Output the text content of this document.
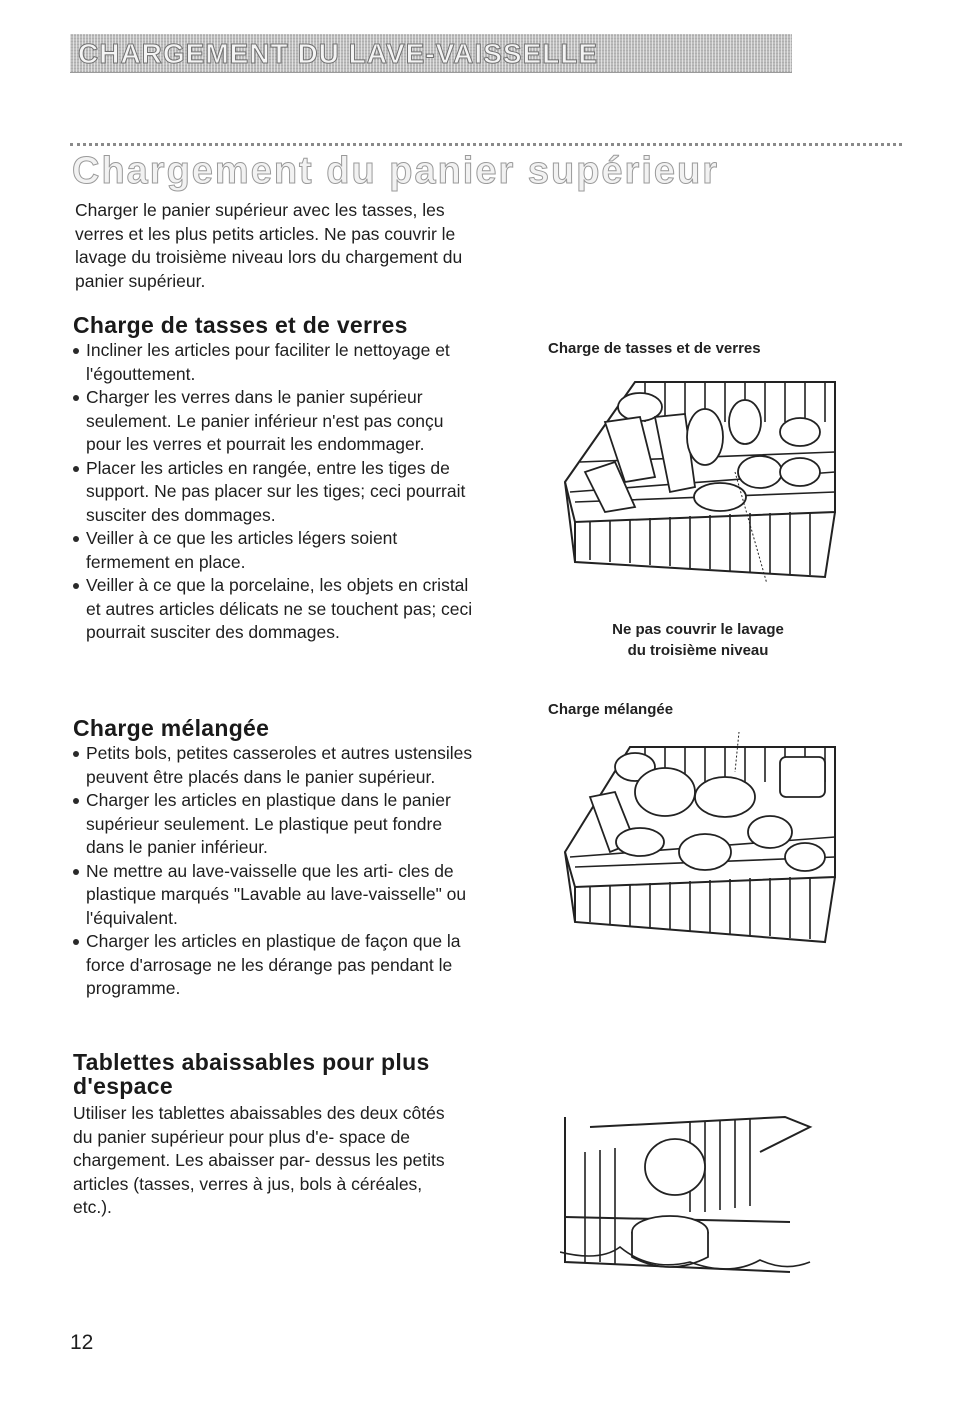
CHARGEMENT DU LAVE-VAISSELLE
Chargement du panier supérieur

Charger le panier supérieur avec les tasses, les verres et les plus petits articles. Ne pas couvrir le lavage du troisième niveau lors du chargement du panier supérieur.

Charge de tasses et de verres
Incliner les articles pour faciliter le nettoyage et l'égouttement.
Charger les verres dans le panier supérieur seulement. Le panier inférieur n'est pas conçu pour les verres et pourrait les endommager.
Placer les articles en rangée, entre les tiges de support. Ne pas placer sur les tiges; ceci pourrait susciter des dommages.
Veiller à ce que les articles légers soient fermement en place.
Veiller à ce que la porcelaine, les objets en cristal et autres articles délicats ne se touchent pas; ceci pourrait susciter des dommages.
Charge mélangée
Petits bols, petites casseroles et autres ustensiles peuvent être placés dans le panier supérieur.
Charger les articles en plastique dans le panier supérieur seulement. Le plastique peut fondre dans le panier inférieur.
Ne mettre au lave-vaisselle que les arti- cles de plastique marqués "Lavable au lave-vaisselle" ou l'équivalent.
Charger les articles en plastique de façon que la force d'arrosage ne les dérange pas pendant le programme.
Tablettes abaissables pour plus d'espace

Utiliser les tablettes abaissables des deux côtés du panier supérieur pour plus d'e- space de chargement. Les abaisser par- dessus les petits articles (tasses, verres à jus, bols à céréales, etc.).

Charge de tasses et de verres
Ne pas couvrir le lavage
du troisième niveau
Charge mélangée
12
